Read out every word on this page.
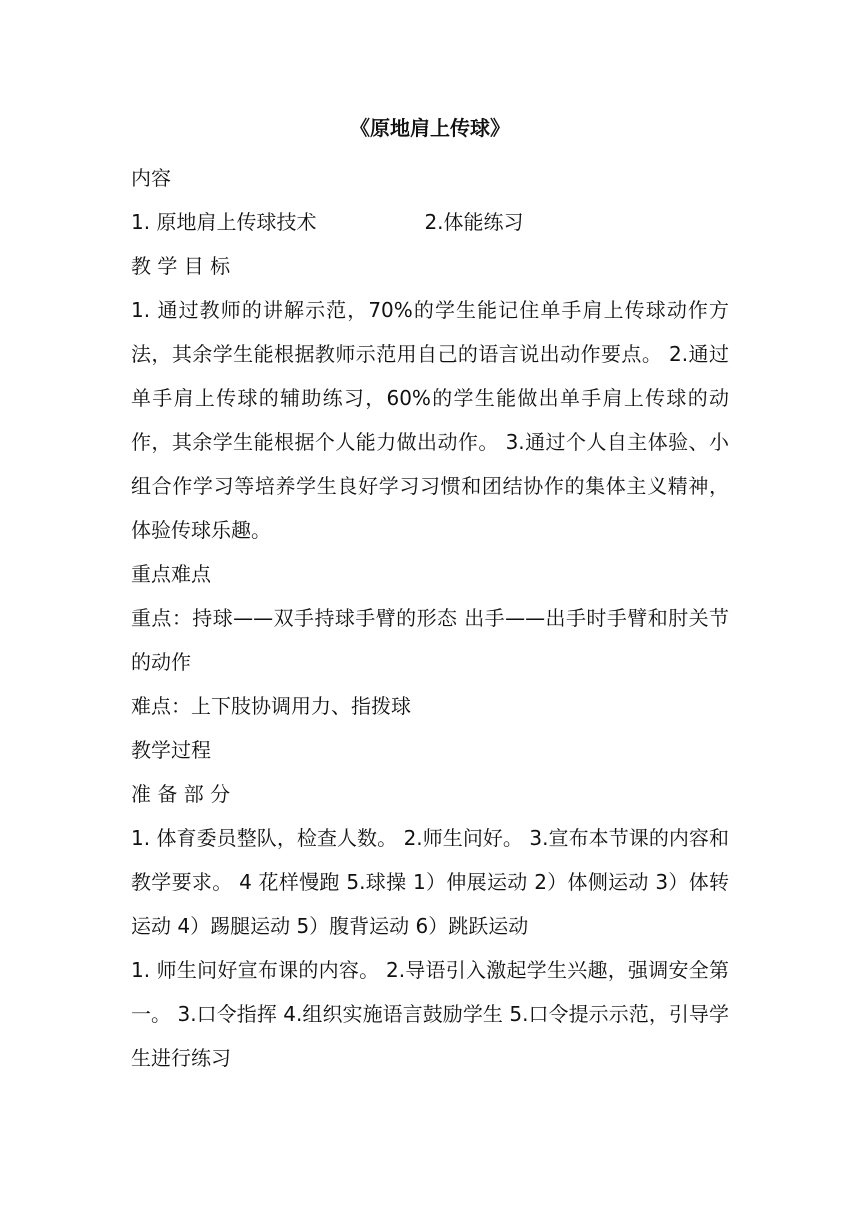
《原地肩上传球》
内容
1. 原地肩上传球技术	2.体能练习
教 学 目 标
1. 通过教师的讲解示范，70%的学生能记住单手肩上传球动作方法，其余学生能根据教师示范用自己的语言说出动作要点。 2.通过单手肩上传球的辅助练习，60%的学生能做出单手肩上传球的动作，其余学生能根据个人能力做出动作。 3.通过个人自主体验、小组合作学习等培养学生良好学习习惯和团结协作的集体主义精神，体验传球乐趣。
重点难点
重点：持球——双手持球手臂的形态 出手——出手时手臂和肘关节的动作
难点：上下肢协调用力、指拨球
教学过程
准 备 部 分
1. 体育委员整队，检查人数。 2.师生问好。 3.宣布本节课的内容和教学要求。 4 花样慢跑 5.球操 1）伸展运动 2）体侧运动 3）体转运动 4）踢腿运动 5）腹背运动 6）跳跃运动
1. 师生问好宣布课的内容。 2.导语引入激起学生兴趣，强调安全第一。 3.口令指挥 4.组织实施语言鼓励学生 5.口令提示示范，引导学生进行练习
